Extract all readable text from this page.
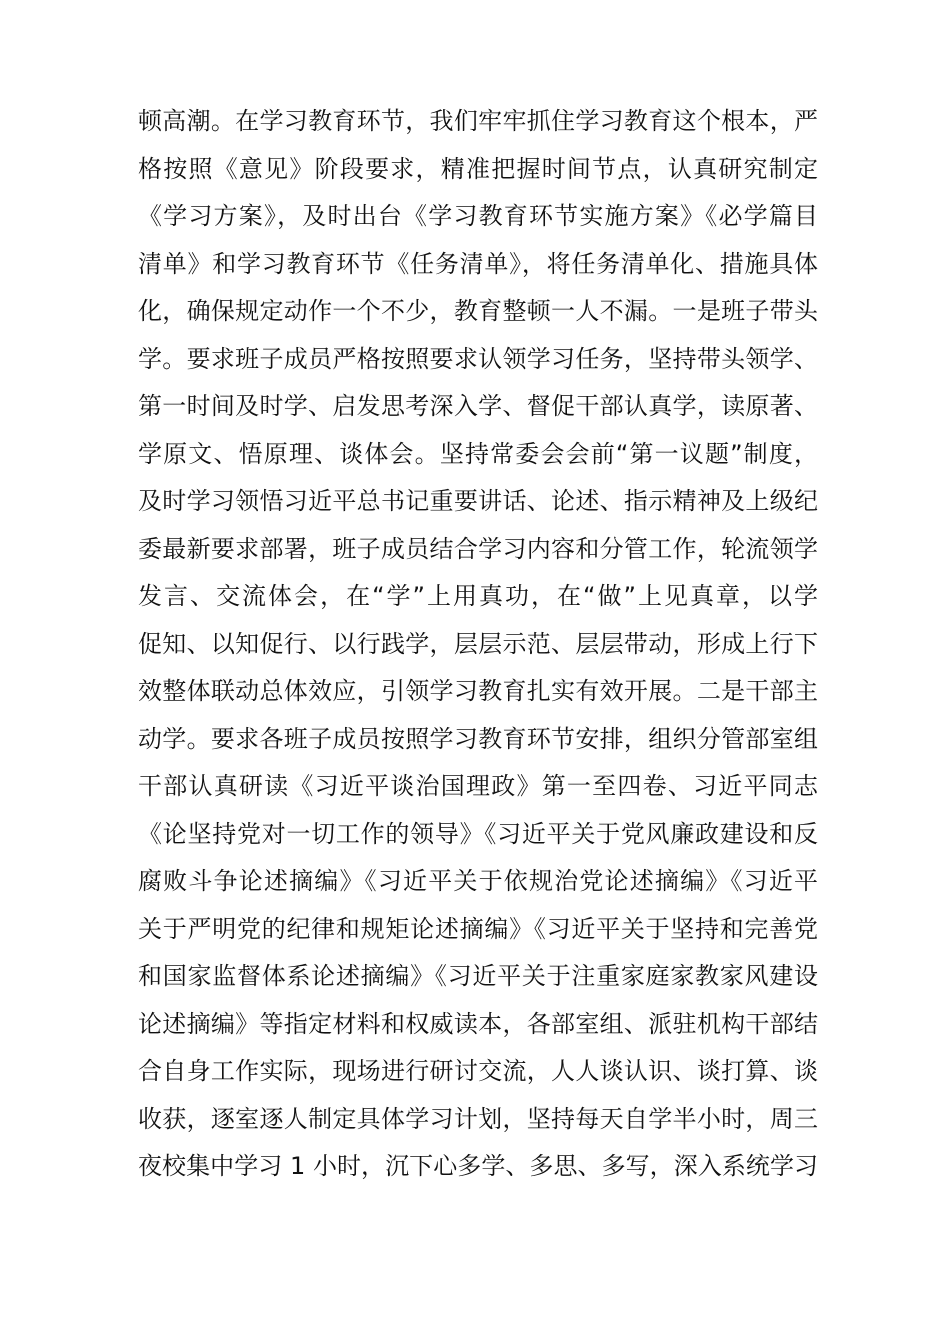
顿高潮。在学习教育环节，我们牢牢抓住学习教育这个根本，严
格按照《意见》阶段要求，精准把握时间节点，认真研究制定
《学习方案》，及时出台《学习教育环节实施方案》《必学篇目
清单》和学习教育环节《任务清单》，将任务清单化、措施具体
化，确保规定动作一个不少，教育整顿一人不漏。一是班子带头
学。要求班子成员严格按照要求认领学习任务，坚持带头领学、
第一时间及时学、启发思考深入学、督促干部认真学，读原著、
学原文、悟原理、谈体会。坚持常委会会前“第一议题”制度，
及时学习领悟习近平总书记重要讲话、论述、指示精神及上级纪
委最新要求部署，班子成员结合学习内容和分管工作，轮流领学
发言、交流体会，在“学”上用真功，在“做”上见真章，以学
促知、以知促行、以行践学，层层示范、层层带动，形成上行下
效整体联动总体效应，引领学习教育扎实有效开展。二是干部主
动学。要求各班子成员按照学习教育环节安排，组织分管部室组
干部认真研读《习近平谈治国理政》第一至四卷、习近平同志
《论坚持党对一切工作的领导》《习近平关于党风廉政建设和反
腐败斗争论述摘编》《习近平关于依规治党论述摘编》《习近平
关于严明党的纪律和规矩论述摘编》《习近平关于坚持和完善党
和国家监督体系论述摘编》《习近平关于注重家庭家教家风建设
论述摘编》等指定材料和权威读本，各部室组、派驻机构干部结
合自身工作实际，现场进行研讨交流，人人谈认识、谈打算、谈
收获，逐室逐人制定具体学习计划，坚持每天自学半小时，周三
夜校集中学习 1 小时，沉下心多学、多思、多写，深入系统学习
